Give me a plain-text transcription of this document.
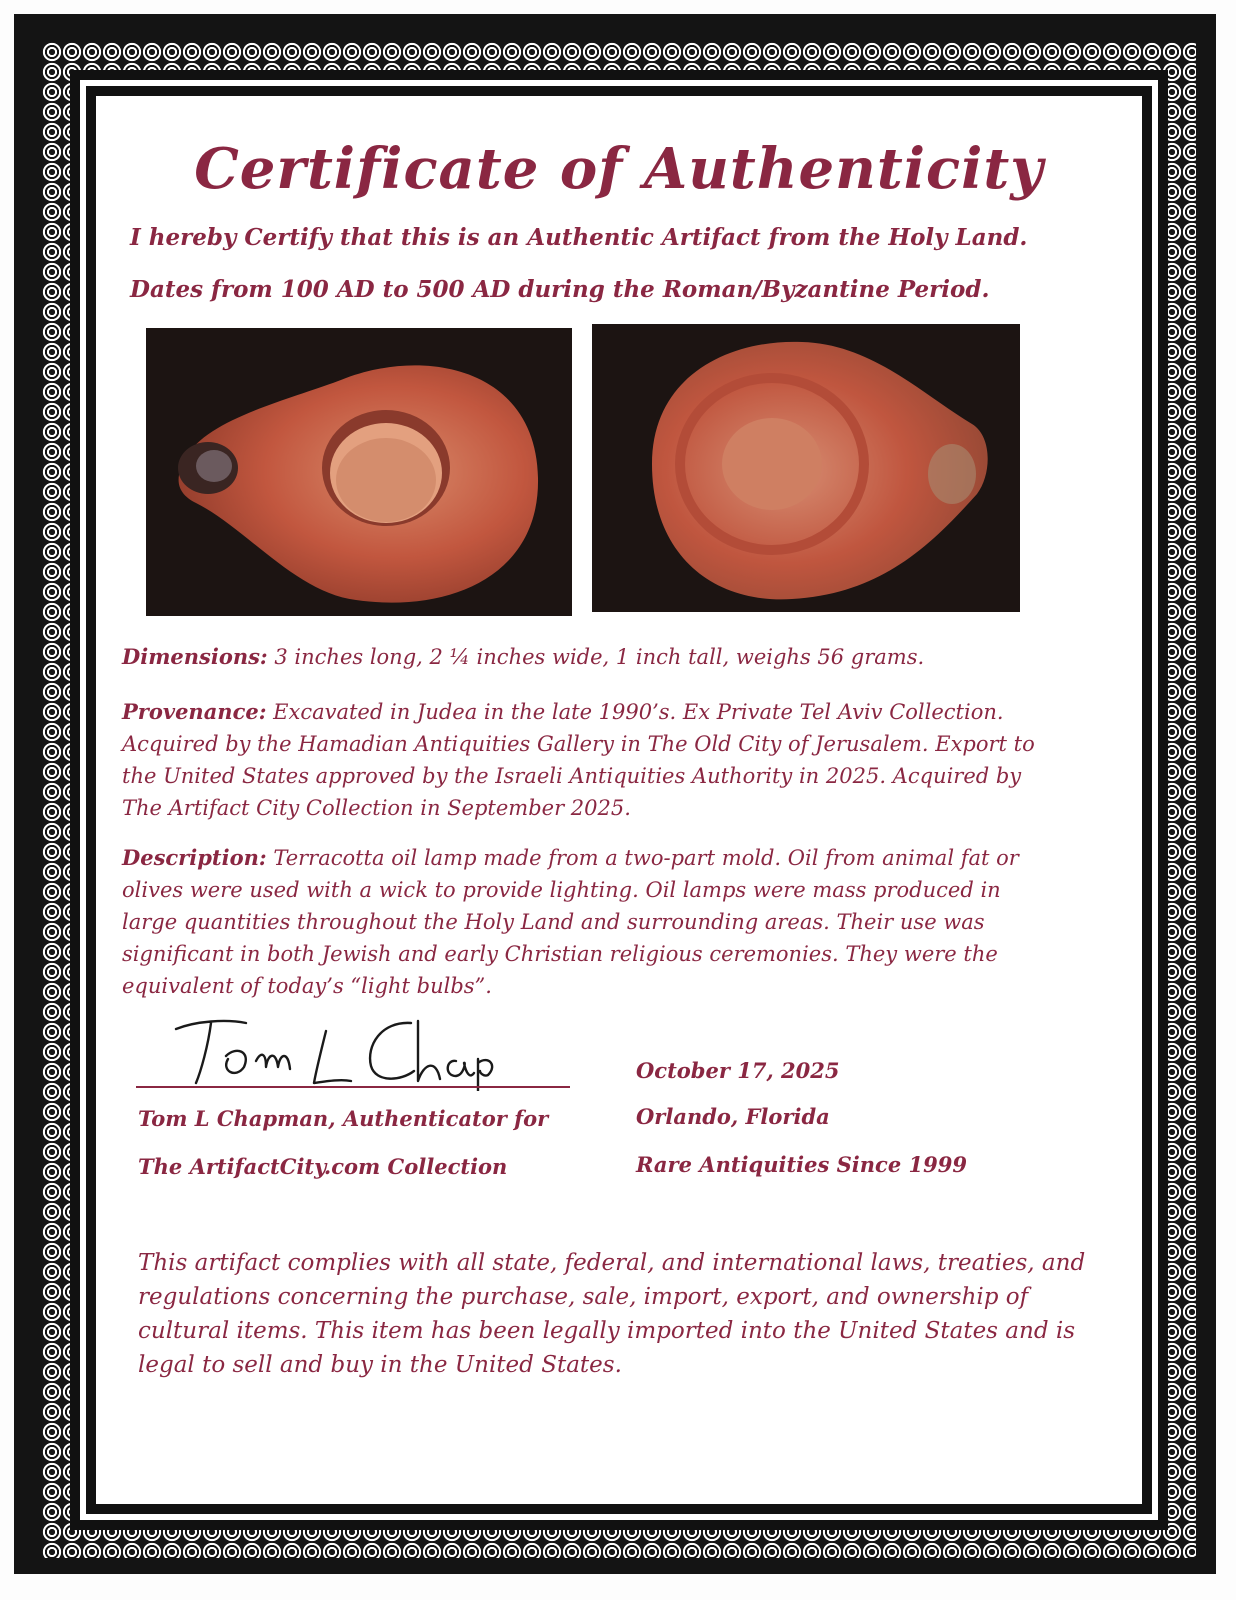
Certificate of Authenticity
I hereby Certify that this is an Authentic Artifact from the Holy Land.
Dates from 100 AD to 500 AD during the Roman/Byzantine Period.
Dimensions: 3 inches long, 2 ¼ inches wide, 1 inch tall, weighs 56 grams.
Provenance: Excavated in Judea in the late 1990’s. Ex Private Tel Aviv Collection. Acquired by the Hamadian Antiquities Gallery in The Old City of Jerusalem. Export to the United States approved by the Israeli Antiquities Authority in 2025. Acquired by The Artifact City Collection in September 2025.
Description: Terracotta oil lamp made from a two-part mold. Oil from animal fat or olives were used with a wick to provide lighting. Oil lamps were mass produced in large quantities throughout the Holy Land and surrounding areas. Their use was significant in both Jewish and early Christian religious ceremonies. They were the equivalent of today’s “light bulbs”.
Tom L Chapman, Authenticator for
The ArtifactCity.com Collection
October 17, 2025
Orlando, Florida
Rare Antiquities Since 1999
This artifact complies with all state, federal, and international laws, treaties, and regulations concerning the purchase, sale, import, export, and ownership of cultural items. This item has been legally imported into the United States and is legal to sell and buy in the United States.
